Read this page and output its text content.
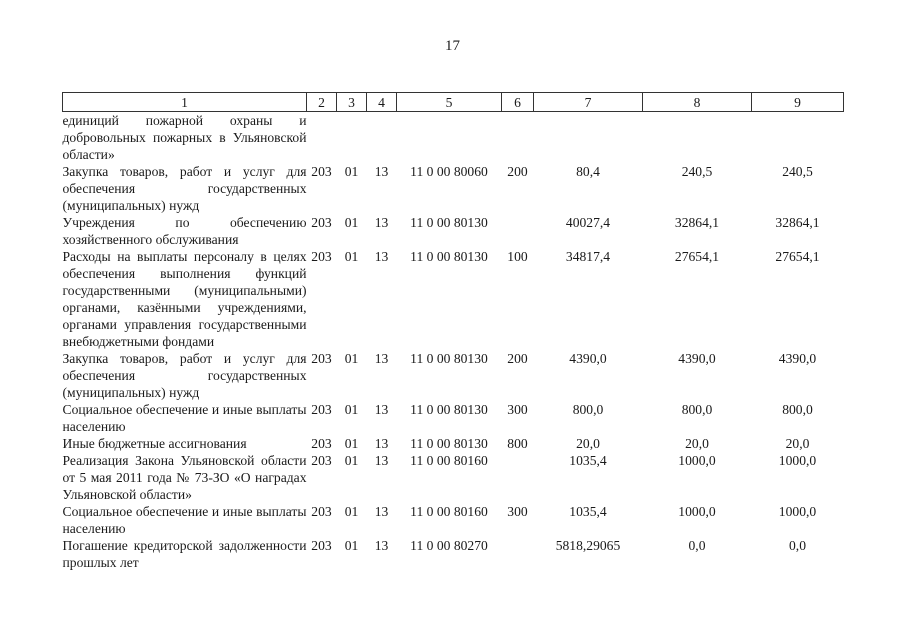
17
1	2	3	4	5	6	7	8	9
единиций пожарной охраны и добровольных пожарных в Ульяновской области»								
Закупка товаров, работ и услуг для обеспечения государственных (муниципальных) нужд	203	01	13	11 0 00 80060	200	80,4	240,5	240,5
Учреждения по обеспечению хозяйственного обслуживания	203	01	13	11 0 00 80130		40027,4	32864,1	32864,1
Расходы на выплаты персоналу в целях обеспечения выполнения функций государственными (муниципальными) органами, казёнными учреждениями, органами управления государственными внебюджетными фондами	203	01	13	11 0 00 80130	100	34817,4	27654,1	27654,1
Закупка товаров, работ и услуг для обеспечения государственных (муниципальных) нужд	203	01	13	11 0 00 80130	200	4390,0	4390,0	4390,0
Социальное обеспечение и иные выплаты населению	203	01	13	11 0 00 80130	300	800,0	800,0	800,0
Иные бюджетные ассигнования	203	01	13	11 0 00 80130	800	20,0	20,0	20,0
Реализация Закона Ульяновской области от 5 мая 2011 года № 73-ЗО «О наградах Ульяновской области»	203	01	13	11 0 00 80160		1035,4	1000,0	1000,0
Социальное обеспечение и иные выплаты населению	203	01	13	11 0 00 80160	300	1035,4	1000,0	1000,0
Погашение кредиторской задолженности прошлых лет	203	01	13	11 0 00 80270		5818,29065	0,0	0,0
